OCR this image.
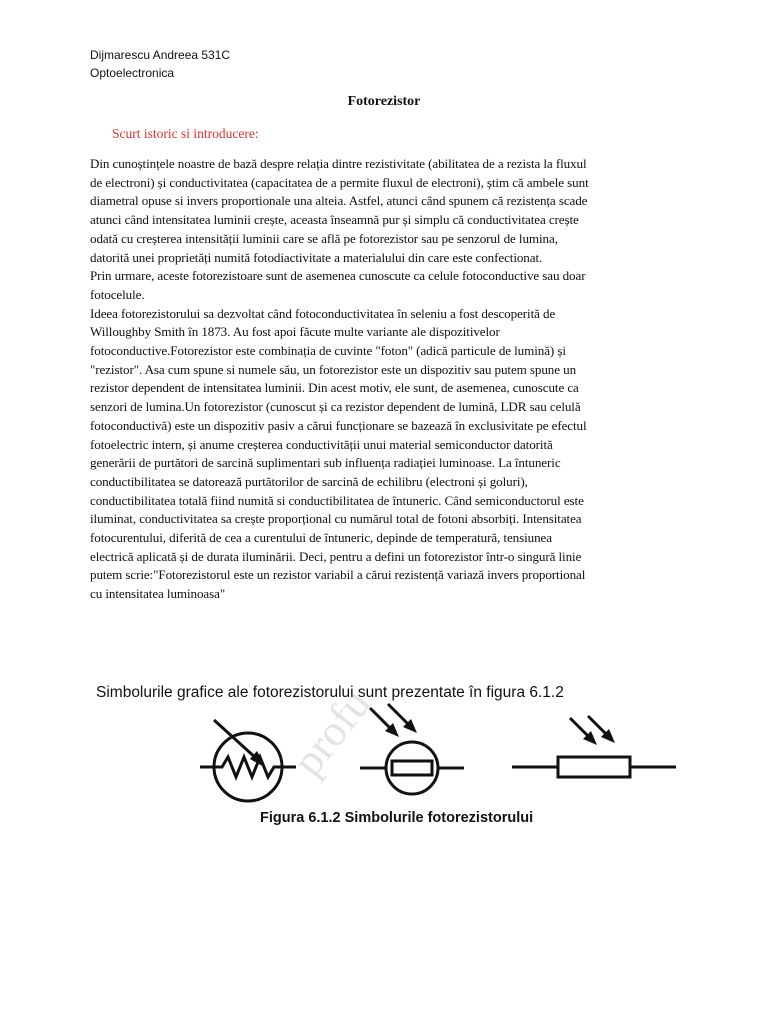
Dijmarescu Andreea 531C
Optoelectronica
Fotorezistor
Scurt istoric si introducere:
Din cunoștințele noastre de bază despre relația dintre rezistivitate (abilitatea de a rezista la fluxul
de electroni) și conductivitatea (capacitatea de a permite fluxul de electroni), știm că ambele sunt
diametral opuse si invers proportionale una alteia. Astfel, atunci când spunem că rezistența scade
atunci când intensitatea luminii crește, aceasta înseamnă pur și simplu că conductivitatea crește
odată cu creșterea intensității luminii care se află pe fotorezistor sau pe senzorul de lumina,
datorită unei proprietăți numită fotodiactivitate a materialului din care este confectionat.
Prin urmare, aceste fotorezistoare sunt de asemenea cunoscute ca celule fotoconductive sau doar
fotocelule.
Ideea fotorezistorului sa dezvoltat când fotoconductivitatea în seleniu a fost descoperită de
Willoughby Smith în 1873. Au fost apoi făcute multe variante ale dispozitivelor
fotoconductive.Fotorezistor este combinația de cuvinte "foton" (adică particule de lumină) și
"rezistor". Asa cum spune si numele său, un fotorezistor este un dispozitiv sau putem spune un
rezistor dependent de intensitatea luminii. Din acest motiv, ele sunt, de asemenea, cunoscute ca
senzori de lumina.Un fotorezistor (cunoscut și ca rezistor dependent de lumină, LDR sau celulă
fotoconductivă) este un dispozitiv pasiv a cărui funcționare se bazează în exclusivitate pe efectul
fotoelectric intern, și anume creșterea conductivității unui material semiconductor datorită
generării de purtători de sarcină suplimentari sub influența radiației luminoase. La întuneric
conductibilitatea se datorează purtătorilor de sarcină de echilibru (electroni și goluri),
conductibilitatea totală fiind numită si conductibilitatea de întuneric. Când semiconductorul este
iluminat, conductivitatea sa crește proporțional cu numărul total de fotoni absorbiți. Intensitatea
fotocurentului, diferită de cea a curentului de întuneric, depinde de temperatură, tensiunea
electrică aplicată și de durata iluminării. Deci, pentru a defini un fotorezistor într-o singură linie
putem scrie:"Fotorezistorul este un rezistor variabil a cărui rezistență variază invers proportional
cu intensitatea luminoasa"
profu
Simbolurile grafice ale fotorezistorului sunt prezentate în figura 6.1.2
Figura 6.1.2 Simbolurile fotorezistorului
